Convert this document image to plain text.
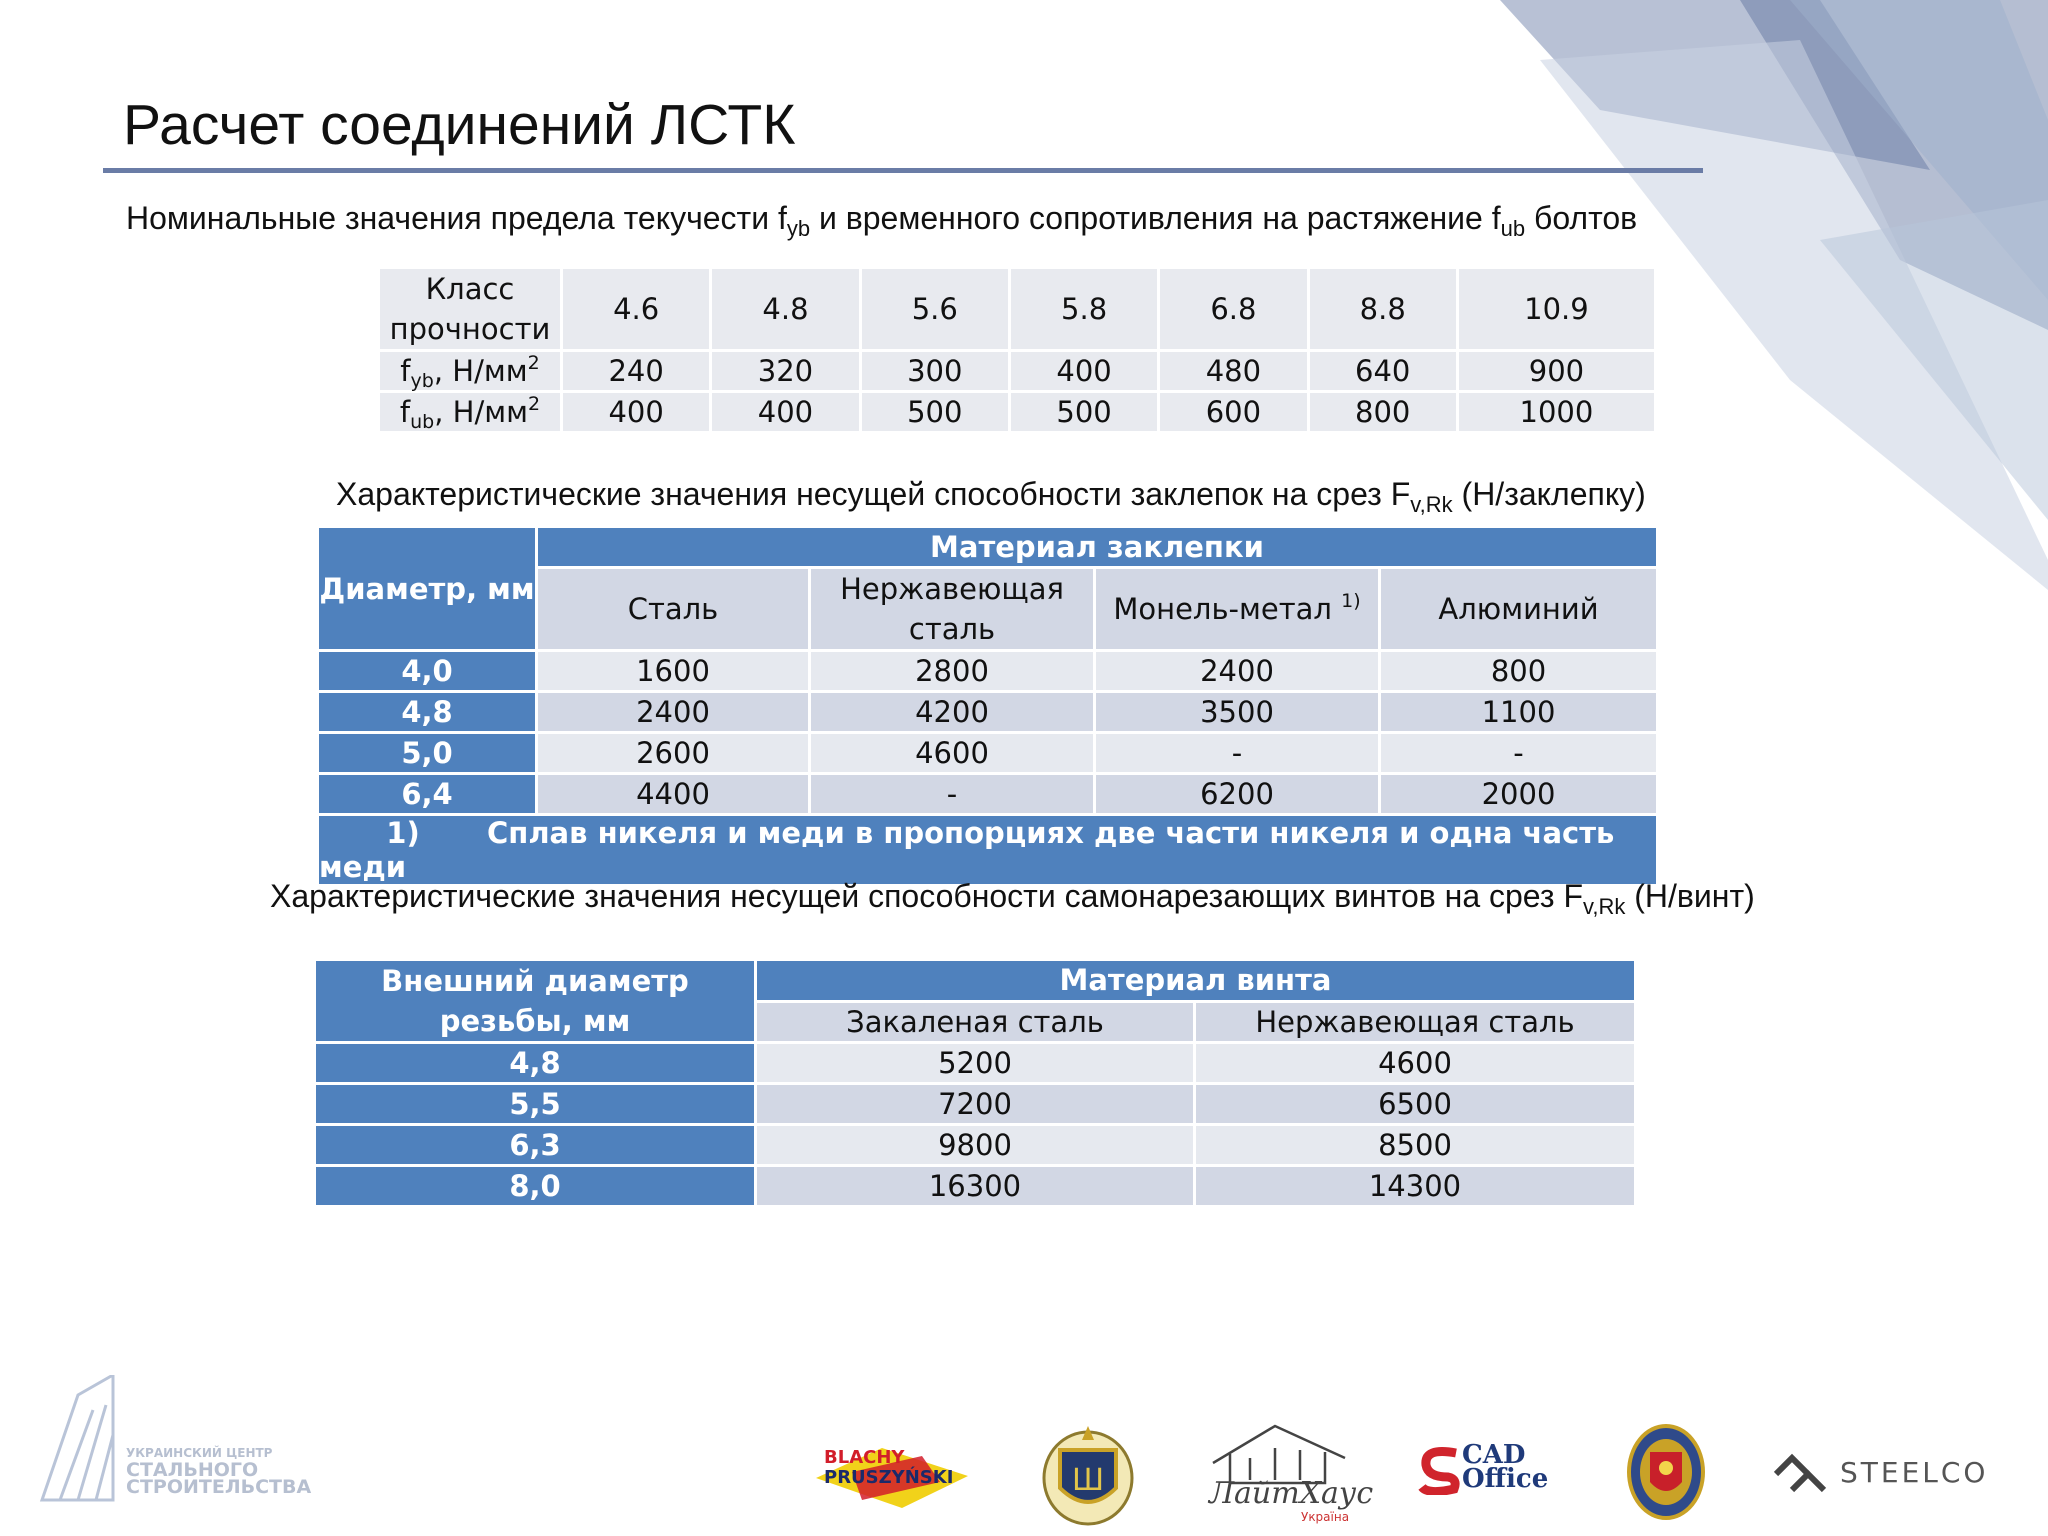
Расчет соединений ЛСТК
Номинальные значения предела текучести $f_{yb}$ и временного сопротивления на растяжение $f_{ub}$ болтов
Класс прочности	4.6	4.8	5.6	5.8	6.8	8.8	10.9
$f_{yb}$, $Н/мм^2$	240	320	300	400	480	640	900
$f_{ub}$, $Н/мм^2$	400	400	500	500	600	800	1000
Характеристические значения несущей способности заклепок на срез $F_{v,Rk}$ (Н/заклепку)
Диаметр, мм	Материал заклепки			
	Сталь	Нержавеющая сталь	Монель-метал $^{1)}$	Алюминий
4,0	1600	2800	2400	800
4,8	2400	4200	3500	1100
5,0	2600	4600	-	-
6,4	4400	-	6200	2000
1) Сплав никеля и меди в пропорциях две части никеля и одна часть меди				
Характеристические значения несущей способности самонарезающих винтов на срез $F_{v,Rk}$ (Н/винт)
Внешний диаметр резьбы, мм	Материал винта	
	Закаленая сталь	Нержавеющая сталь
4,8	5200	4600
5,5	7200	6500
6,3	9800	8500
8,0	16300	14300
УКРАИНСКИЙ ЦЕНТР
СТАЛЬНОГО
СТРОИТЕЛЬСТВА
BLACHY
PRUSZYŃSKI	Ш	ЛайтХаус
Україна
CAD
Office	STEELCO
